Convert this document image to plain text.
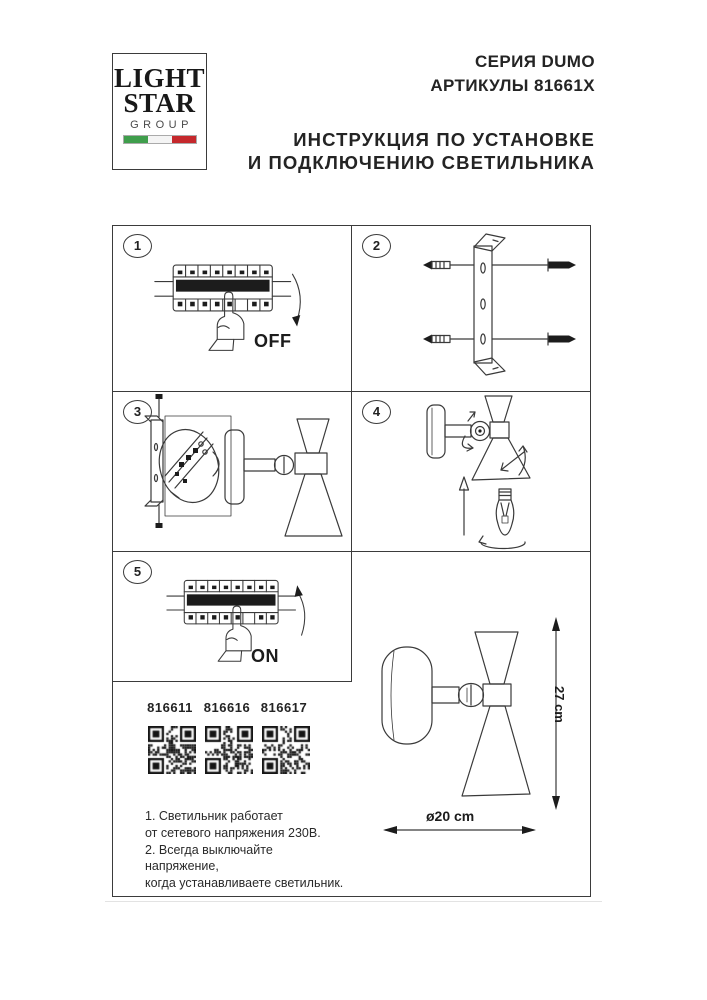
LIGHT
STAR
GROUP
СЕРИЯ DUMO
АРТИКУЛЫ 81661X
ИНСТРУКЦИЯ ПО УСТАНОВКЕ
И ПОДКЛЮЧЕНИЮ СВЕТИЛЬНИКА
1
OFF
2
3	4
5
ON
816611 816616 816617
1. Светильник работает
от сетевого напряжения 230В.
2. Всегда выключайте напряжение,
когда устанавливаете светильник.
27 cm
ø20 cm
